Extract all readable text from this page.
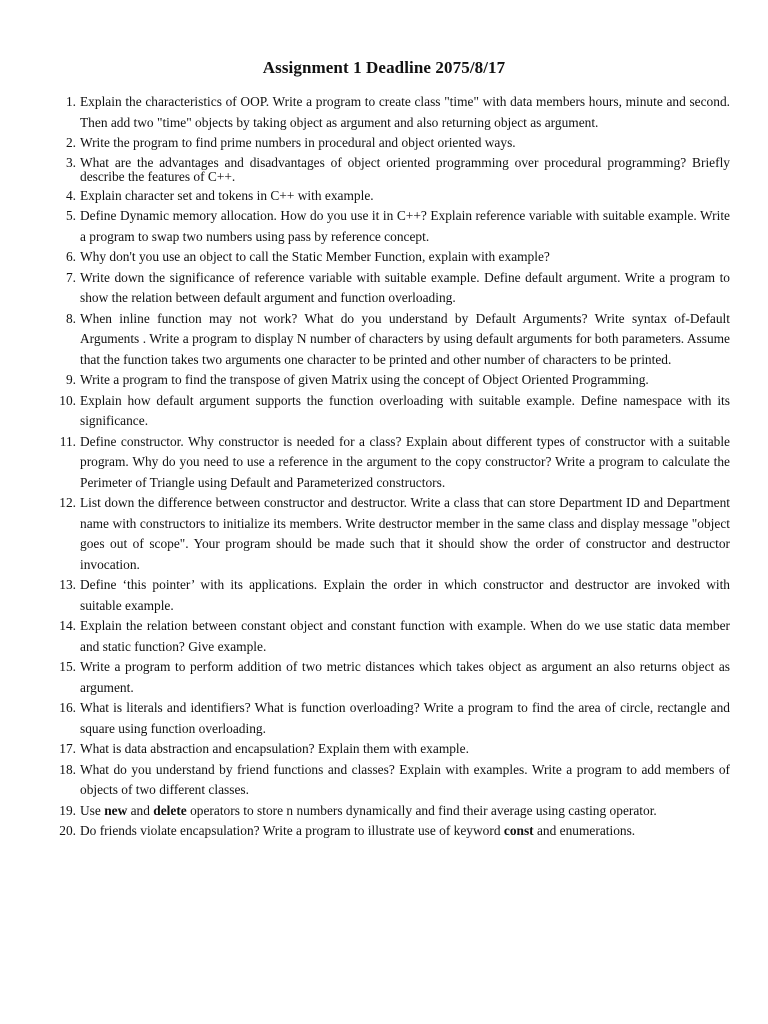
Assignment 1 Deadline 2075/8/17
1. Explain the characteristics of OOP. Write a program to create class "time" with data members hours, minute and second. Then add two "time" objects by taking object as argument and also returning object as argument.
2. Write the program to find prime numbers in procedural and object oriented ways.
3. What are the advantages and disadvantages of object oriented programming over procedural programming? Briefly describe the features of C++.
4. Explain character set and tokens in C++ with example.
5. Define Dynamic memory allocation. How do you use it in C++? Explain reference variable with suitable example. Write a program to swap two numbers using pass by reference concept.
6. Why don't you use an object to call the Static Member Function, explain with example?
7. Write down the significance of reference variable with suitable example. Define default argument. Write a program to show the relation between default argument and function overloading.
8. When inline function may not work? What do you understand by Default Arguments? Write syntax of-Default Arguments . Write a program to display N number of characters by using default arguments for both parameters. Assume that the function takes two arguments one character to be printed and other number of characters to be printed.
9. Write a program to find the transpose of given Matrix using the concept of Object Oriented Programming.
10. Explain how default argument supports the function overloading with suitable example. Define namespace with its significance.
11. Define constructor. Why constructor is needed for a class? Explain about different types of constructor with a suitable program. Why do you need to use a reference in the argument to the copy constructor? Write a program to calculate the Perimeter of Triangle using Default and Parameterized constructors.
12. List down the difference between constructor and destructor. Write a class that can store Department ID and Department name with constructors to initialize its members. Write destructor member in the same class and display message "object goes out of scope". Your program should be made such that it should show the order of constructor and destructor invocation.
13. Define ‘this pointer’ with its applications. Explain the order in which constructor and destructor are invoked with suitable example.
14. Explain the relation between constant object and constant function with example. When do we use static data member and static function? Give example.
15. Write a program to perform addition of two metric distances which takes object as argument an also returns object as argument.
16. What is literals and identifiers? What is function overloading? Write a program to find the area of circle, rectangle and square using function overloading.
17. What is data abstraction and encapsulation? Explain them with example.
18. What do you understand by friend functions and classes? Explain with examples. Write a program to add members of objects of two different classes.
19. Use new and delete operators to store n numbers dynamically and find their average using casting operator.
20. Do friends violate encapsulation? Write a program to illustrate use of keyword const and enumerations.
